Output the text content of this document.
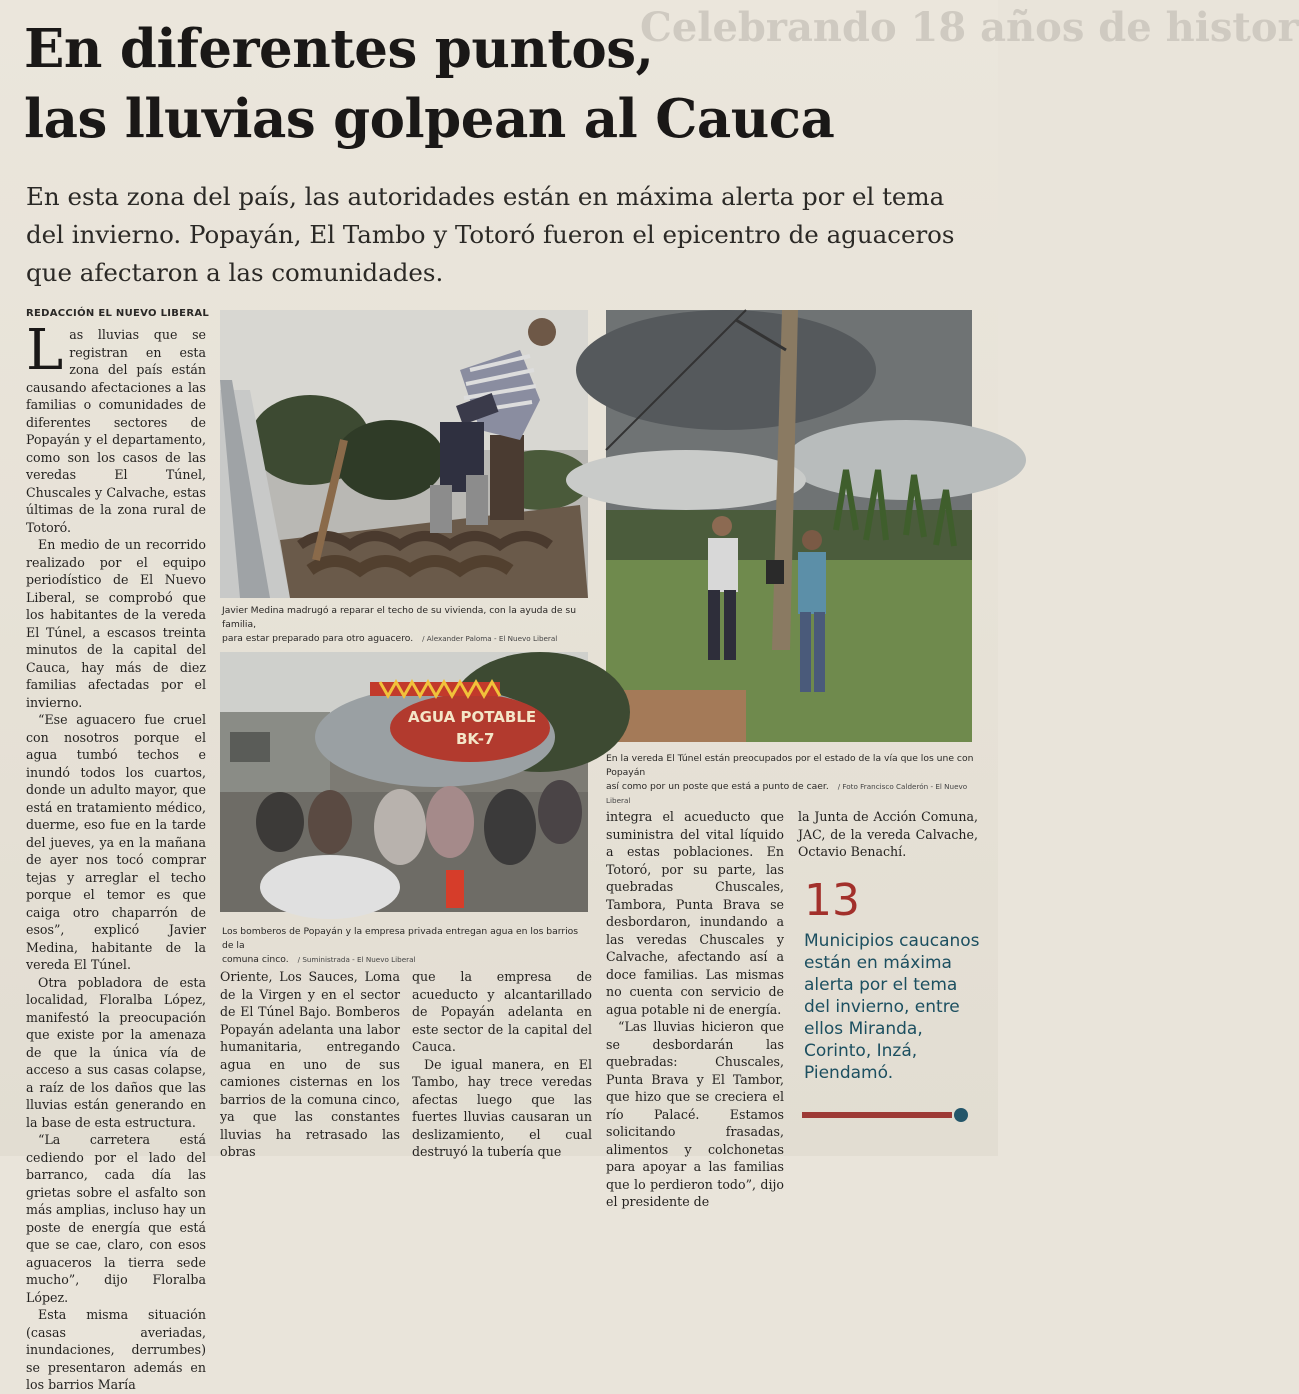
Celebrando 18 años de histor
En diferentes puntos,
las lluvias golpean al Cauca
En esta zona del país, las autoridades están en máxima alerta por el tema del invierno. Popayán, El Tambo y Totoró fueron el epicentro de aguaceros que afectaron a las comunidades.
REDACCIÓN EL NUEVO LIBERAL

Las lluvias que se registran en esta zona del país están causando afectaciones a las familias o comunidades de diferentes sectores de Popayán y el departamento, como son los casos de las veredas El Túnel, Chuscales y Calvache, estas últimas de la zona rural de Totoró.

En medio de un recorrido realizado por el equipo periodístico de El Nuevo Liberal, se comprobó que los habitantes de la vereda El Túnel, a escasos treinta minutos de la capital del Cauca, hay más de diez familias afectadas por el invierno.

“Ese aguacero fue cruel con nosotros porque el agua tumbó techos e inundó todos los cuartos, donde un adulto mayor, que está en tratamiento médico, duerme, eso fue en la tarde del jueves, ya en la mañana de ayer nos tocó comprar tejas y arreglar el techo porque el temor es que caiga otro chaparrón de esos”, explicó Javier Medina, habitante de la vereda El Túnel.

Otra pobladora de esta localidad, Floralba López, manifestó la preocupación que existe por la amenaza de que la única vía de acceso a sus casas colapse, a raíz de los daños que las lluvias están generando en la base de esta estructura.

“La carretera está cediendo por el lado del barranco, cada día las grietas sobre el asfalto son más amplias, incluso hay un poste de energía que está que se cae, claro, con esos aguaceros la tierra sede mucho”, dijo Floralba López.

Esta misma situación (casas averiadas, inundaciones, derrumbes) se presentaron además en los barrios María

Javier Medina madrugó a reparar el techo de su vivienda, con la ayuda de su familia,
para estar preparado para otro aguacero. / Alexander Paloma - El Nuevo Liberal
En la vereda El Túnel están preocupados por el estado de la vía que los une con Popayán
así como por un poste que está a punto de caer. / Foto Francisco Calderón - El Nuevo Liberal
AGUA POTABLE
BK-7
Los bomberos de Popayán y la empresa privada entregan agua en los barrios de la
comuna cinco. / Suministrada - El Nuevo Liberal

Oriente, Los Sauces, Loma de la Virgen y en el sector de El Túnel Bajo. Bomberos Popayán adelanta una labor humanitaria, entregando agua en uno de sus camiones cisternas en los barrios de la comuna cinco, ya que las constantes lluvias ha retrasado las obras

que la empresa de acueducto y alcantarillado de Popayán adelanta en este sector de la capital del Cauca.

De igual manera, en El Tambo, hay trece veredas afectas luego que las fuertes lluvias causaran un deslizamiento, el cual destruyó la tubería que

integra el acueducto que suministra del vital líquido a estas poblaciones. En Totoró, por su parte, las quebradas Chuscales, Tambora, Punta Brava se desbordaron, inundando a las veredas Chuscales y Calvache, afectando así a doce familias. Las mismas no cuenta con servicio de agua potable ni de energía.

“Las lluvias hicieron que se desbordarán las quebradas: Chuscales, Punta Brava y El Tambor, que hizo que se creciera el río Palacé. Estamos solicitando frasadas, alimentos y colchonetas para apoyar a las familias que lo perdieron todo”, dijo el presidente de

la Junta de Acción Comuna, JAC, de la vereda Calvache, Octavio Benachí.

13
Municipios caucanos están en máxima alerta por el tema del invierno, entre ellos Miranda, Corinto, Inzá, Piendamó.
